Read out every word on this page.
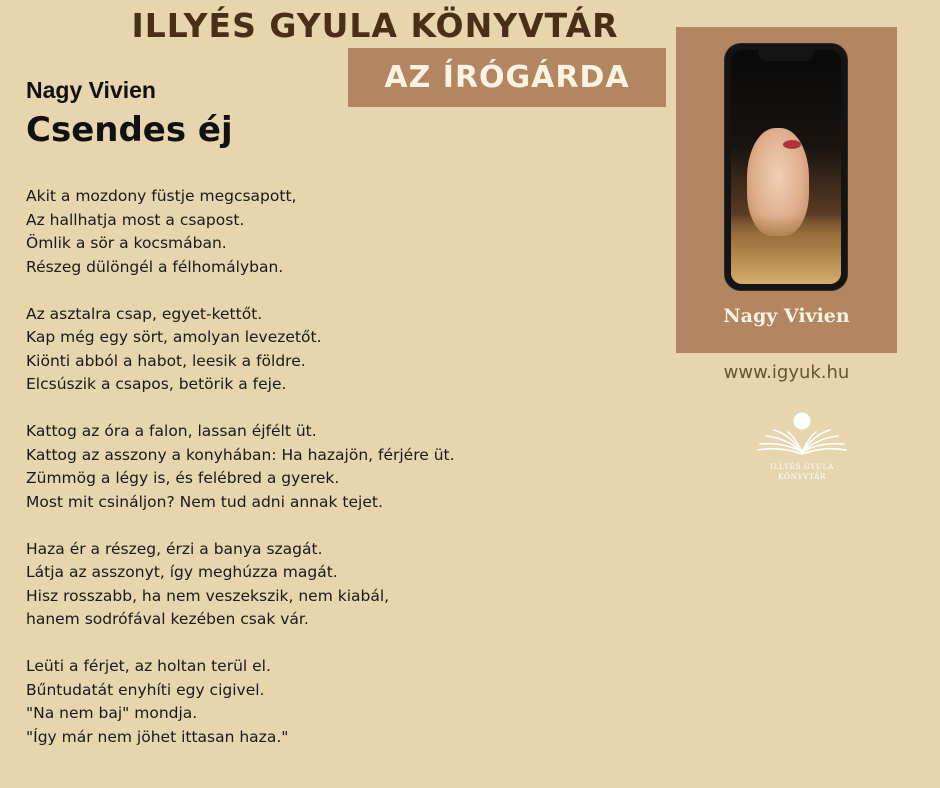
ILLYÉS GYULA KÖNYVTÁR
AZ ÍRÓGÁRDA
Nagy Vivien
Csendes éj
Akit a mozdony füstje megcsapott,
Az hallhatja most a csapost.
Ömlik a sör a kocsmában.
Részeg dülöngél a félhomályban.
Az asztalra csap, egyet-kettőt.
Kap még egy sört, amolyan levezetőt.
Kiönti abból a habot, leesik a földre.
Elcsúszik a csapos, betörik a feje.
Kattog az óra a falon, lassan éjfélt üt.
Kattog az asszony a konyhában: Ha hazajön, férjére üt.
Zümmög a légy is, és felébred a gyerek.
Most mit csináljon? Nem tud adni annak tejet.
Haza ér a részeg, érzi a banya szagát.
Látja az asszonyt, így meghúzza magát.
Hisz rosszabb, ha nem veszekszik, nem kiabál,
hanem sodrófával kezében csak vár.
Leüti a férjet, az holtan terül el.
Bűntudatát enyhíti egy cigivel.
"Na nem baj" mondja.
"Így már nem jöhet ittasan haza."
Nagy Vivien
www.igyuk.hu
ILLYÉS GYULA
KÖNYVTÁR
